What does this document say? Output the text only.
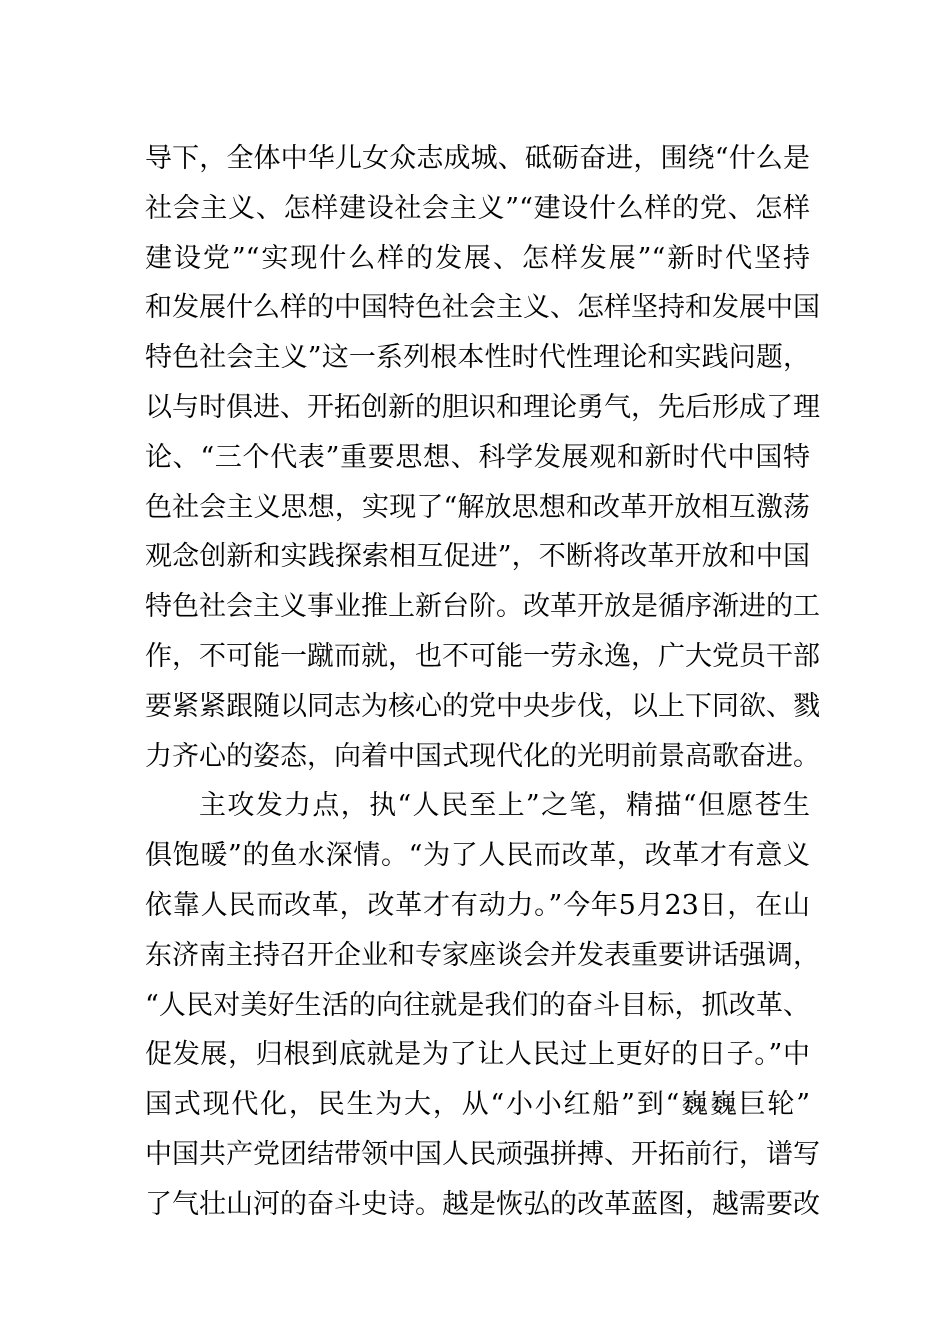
导下，全体中华儿女众志成城、砥砺奋进，围绕“什么是
社会主义、怎样建设社会主义”“建设什么样的党、怎样
建设党”“实现什么样的发展、怎样发展”“新时代坚持
和发展什么样的中国特色社会主义、怎样坚持和发展中国
特色社会主义”这一系列根本性时代性理论和实践问题，
以与时俱进、开拓创新的胆识和理论勇气，先后形成了理
论、“三个代表”重要思想、科学发展观和新时代中国特
色社会主义思想，实现了“解放思想和改革开放相互激荡
观念创新和实践探索相互促进”，不断将改革开放和中国
特色社会主义事业推上新台阶。改革开放是循序渐进的工
作，不可能一蹴而就，也不可能一劳永逸，广大党员干部
要紧紧跟随以同志为核心的党中央步伐，以上下同欲、戮
力齐心的姿态，向着中国式现代化的光明前景高歌奋进。
主攻发力点，执“人民至上”之笔，精描“但愿苍生
俱饱暖”的鱼水深情。“为了人民而改革，改革才有意义
依靠人民而改革，改革才有动力。”今年5月23日，在山
东济南主持召开企业和专家座谈会并发表重要讲话强调，
“人民对美好生活的向往就是我们的奋斗目标，抓改革、
促发展，归根到底就是为了让人民过上更好的日子。”中
国式现代化，民生为大，从“小小红船”到“巍巍巨轮”
中国共产党团结带领中国人民顽强拼搏、开拓前行，谱写
了气壮山河的奋斗史诗。越是恢弘的改革蓝图，越需要改
